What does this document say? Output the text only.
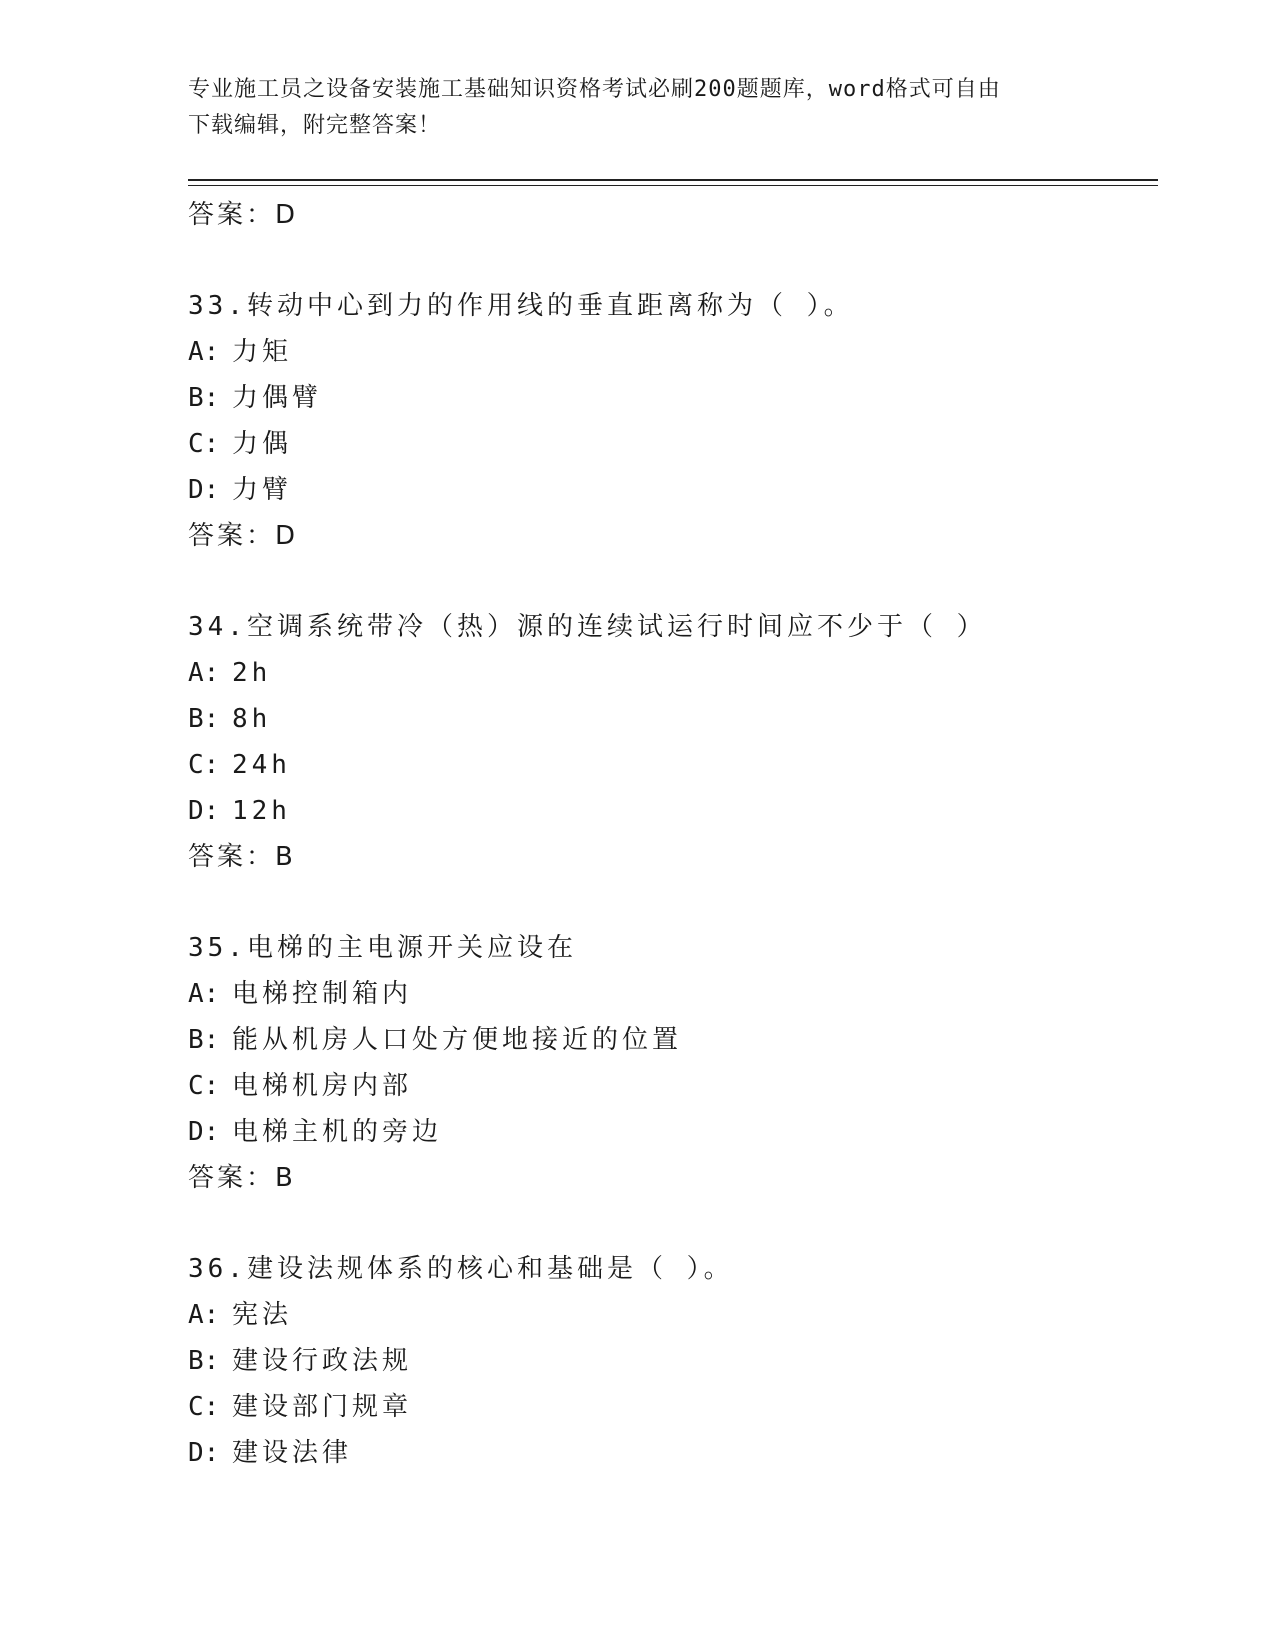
专业施工员之设备安装施工基础知识资格考试必刷200题题库，word格式可自由
下载编辑，附完整答案！
答案：D
33.转动中心到力的作用线的垂直距离称为（ ）。
A: 力矩
B: 力偶臂
C: 力偶
D: 力臂
答案：D
34.空调系统带冷（热）源的连续试运行时间应不少于（ ）
A: 2h
B: 8h
C: 24h
D: 12h
答案：B
35.电梯的主电源开关应设在
A: 电梯控制箱内
B: 能从机房人口处方便地接近的位置
C: 电梯机房内部
D: 电梯主机的旁边
答案：B
36.建设法规体系的核心和基础是（ ）。
A: 宪法
B: 建设行政法规
C: 建设部门规章
D: 建设法律
